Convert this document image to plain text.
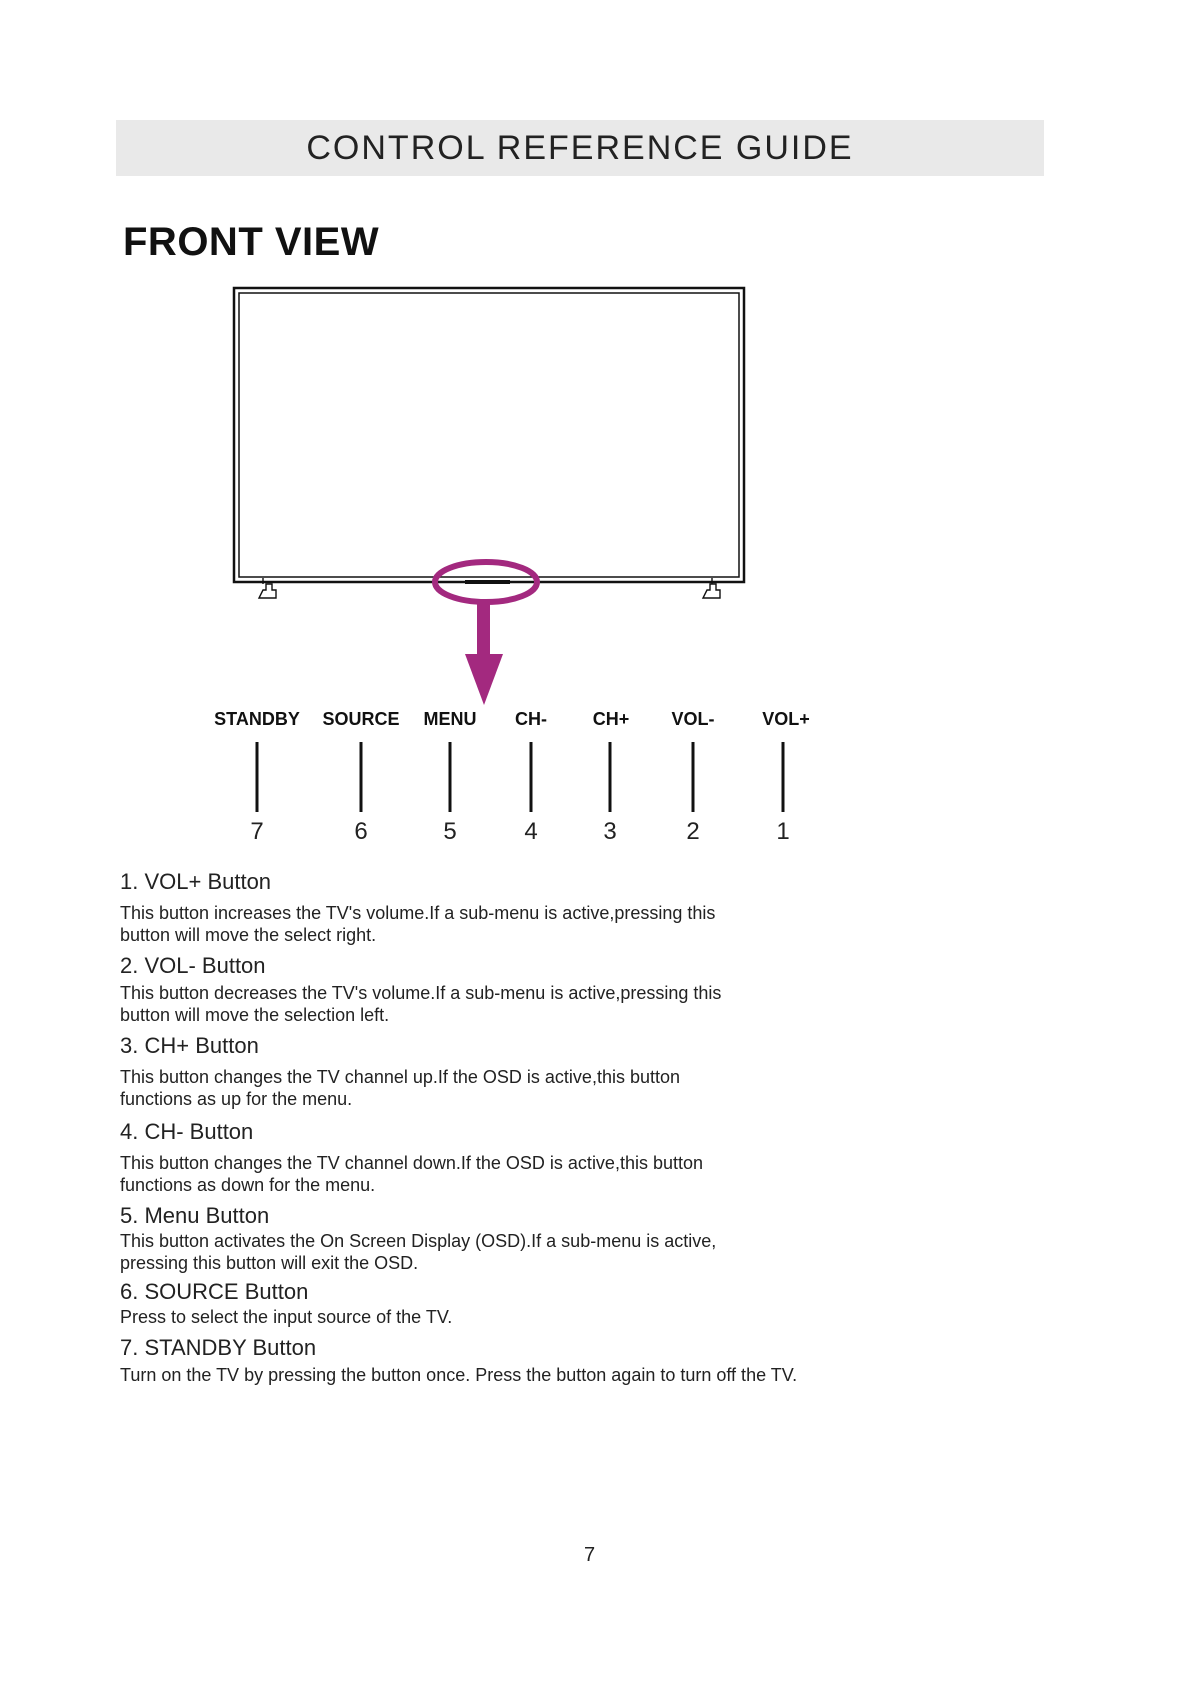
CONTROL REFERENCE GUIDE
FRONT VIEW
STANDBY SOURCE MENU CH-	CH+ VOL-	VOL+
7	6	5	4	3	2	1
1. VOL+ Button
This button increases the TV's volume.If a sub-menu is active,pressing this
button will move the select right.
2. VOL- Button
This button decreases the TV's volume.If a sub-menu is active,pressing this
button will move the selection left.
3. CH+ Button
This button changes the TV channel up.If the OSD is active,this button
functions as up for the menu.
4. CH- Button
This button changes the TV channel down.If the OSD is active,this button
functions as down for the menu.
5. Menu Button
This button activates the On Screen Display (OSD).If a sub-menu is active,
pressing this button will exit the OSD.
6. SOURCE Button
Press to select the input source of the TV.
7. STANDBY Button
Turn on the TV by pressing the button once. Press the button again to turn off the TV.
7
